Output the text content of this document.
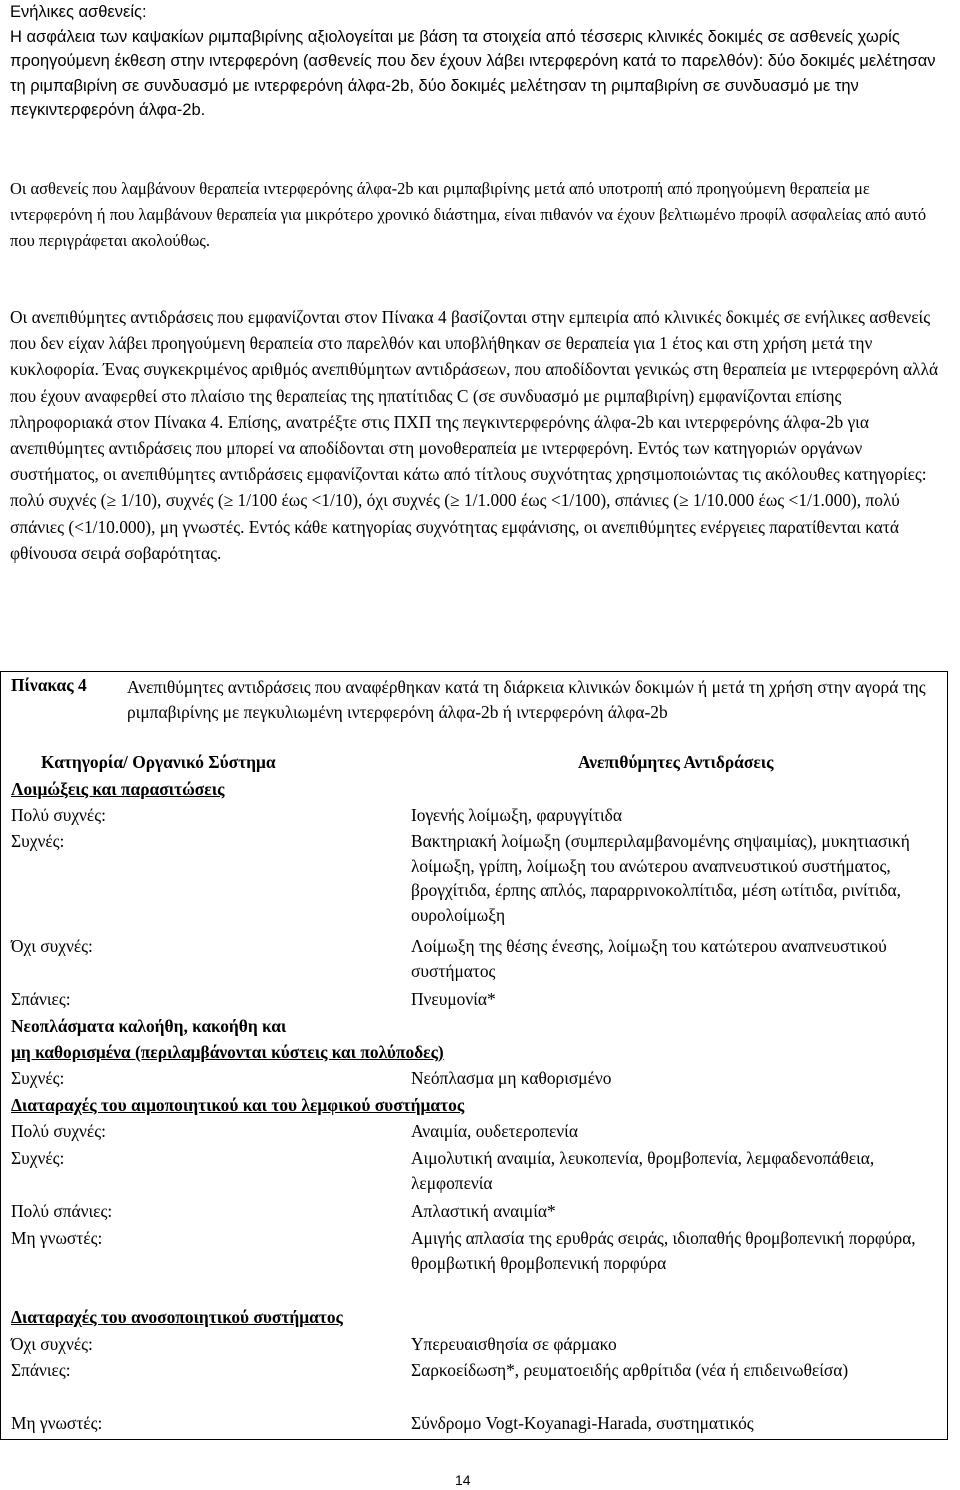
Ενήλικες ασθενείς:
Η ασφάλεια των καψακίων ριμπαβιρίνης αξιολογείται με βάση τα στοιχεία από τέσσερις κλινικές δοκιμές σε ασθενείς χωρίς προηγούμενη έκθεση στην ιντερφερόνη (ασθενείς που δεν έχουν λάβει ιντερφερόνη κατά το παρελθόν): δύο δοκιμές μελέτησαν τη ριμπαβιρίνη σε συνδυασμό με ιντερφερόνη άλφα-2b, δύο δοκιμές μελέτησαν τη ριμπαβιρίνη σε συνδυασμό με την πεγκιντερφερόνη άλφα-2b.
Οι ασθενείς που λαμβάνουν θεραπεία ιντερφερόνης άλφα-2b και ριμπαβιρίνης μετά από υποτροπή από προηγούμενη θεραπεία με ιντερφερόνη ή που λαμβάνουν θεραπεία για μικρότερο χρονικό διάστημα, είναι πιθανόν να έχουν βελτιωμένο προφίλ ασφαλείας από αυτό που περιγράφεται ακολούθως.
Οι ανεπιθύμητες αντιδράσεις που εμφανίζονται στον Πίνακα 4 βασίζονται στην εμπειρία από κλινικές δοκιμές σε ενήλικες ασθενείς που δεν είχαν λάβει προηγούμενη θεραπεία στο παρελθόν και υποβλήθηκαν σε θεραπεία για 1 έτος και στη χρήση μετά την κυκλοφορία. Ένας συγκεκριμένος αριθμός ανεπιθύμητων αντιδράσεων, που αποδίδονται γενικώς στη θεραπεία με ιντερφερόνη αλλά που έχουν αναφερθεί στο πλαίσιο της θεραπείας της ηπατίτιδας C (σε συνδυασμό με ριμπαβιρίνη) εμφανίζονται επίσης πληροφοριακά στον Πίνακα 4. Επίσης, ανατρέξτε στις ΠΧΠ της πεγκιντερφερόνης άλφα-2b και ιντερφερόνης άλφα-2b για ανεπιθύμητες αντιδράσεις που μπορεί να αποδίδονται στη μονοθεραπεία με ιντερφερόνη. Εντός των κατηγοριών οργάνων συστήματος, οι ανεπιθύμητες αντιδράσεις εμφανίζονται κάτω από τίτλους συχνότητας χρησιμοποιώντας τις ακόλουθες κατηγορίες: πολύ συχνές (≥ 1/10), συχνές (≥ 1/100 έως <1/10), όχι συχνές (≥ 1/1.000 έως <1/100), σπάνιες (≥ 1/10.000 έως <1/1.000), πολύ σπάνιες (<1/10.000), μη γνωστές. Εντός κάθε κατηγορίας συχνότητας εμφάνισης, οι ανεπιθύμητες ενέργειες παρατίθενται κατά φθίνουσα σειρά σοβαρότητας.
Πίνακας 4 Ανεπιθύμητες αντιδράσεις που αναφέρθηκαν κατά τη διάρκεια κλινικών δοκιμών ή μετά τη χρήση στην αγορά της ριμπαβιρίνης με πεγκυλιωμένη ιντερφερόνη άλφα-2b ή ιντερφερόνη άλφα-2b
Κατηγορία/ Οργανικό Σύστημα	Ανεπιθύμητες Αντιδράσεις
Λοιμώξεις και παρασιτώσεις
Πολύ συχνές:	Ιογενής λοίμωξη, φαρυγγίτιδα
Συχνές:	Βακτηριακή λοίμωξη (συμπεριλαμβανομένης σηψαιμίας), μυκητιασική λοίμωξη, γρίπη, λοίμωξη του ανώτερου αναπνευστικού συστήματος, βρογχίτιδα, έρπης απλός, παραρρινοκολπίτιδα, μέση ωτίτιδα, ρινίτιδα, ουρολοίμωξη
Όχι συχνές:	Λοίμωξη της θέσης ένεσης, λοίμωξη του κατώτερου αναπνευστικού συστήματος
Σπάνιες:	Πνευμονία*
Νεοπλάσματα καλοήθη, κακοήθη και
μη καθορισμένα (περιλαμβάνονται κύστεις και πολύποδες)
Συχνές:	Νεόπλασμα μη καθορισμένο
Διαταραχές του αιμοποιητικού και του λεμφικού συστήματος
Πολύ συχνές:	Αναιμία, ουδετεροπενία
Συχνές:	Αιμολυτική αναιμία, λευκοπενία, θρομβοπενία, λεμφαδενοπάθεια, λεμφοπενία
Πολύ σπάνιες:	Απλαστική αναιμία*
Μη γνωστές:	Αμιγής απλασία της ερυθράς σειράς, ιδιοπαθής θρομβοπενική πορφύρα, θρομβωτική θρομβοπενική πορφύρα
Διαταραχές του ανοσοποιητικού συστήματος
Όχι συχνές:	Υπερευαισθησία σε φάρμακο
Σπάνιες:	Σαρκοείδωση*, ρευματοειδής αρθρίτιδα (νέα ή επιδεινωθείσα)
Μη γνωστές:	Σύνδρομο Vogt-Koyanagi-Harada, συστηματικός
14
